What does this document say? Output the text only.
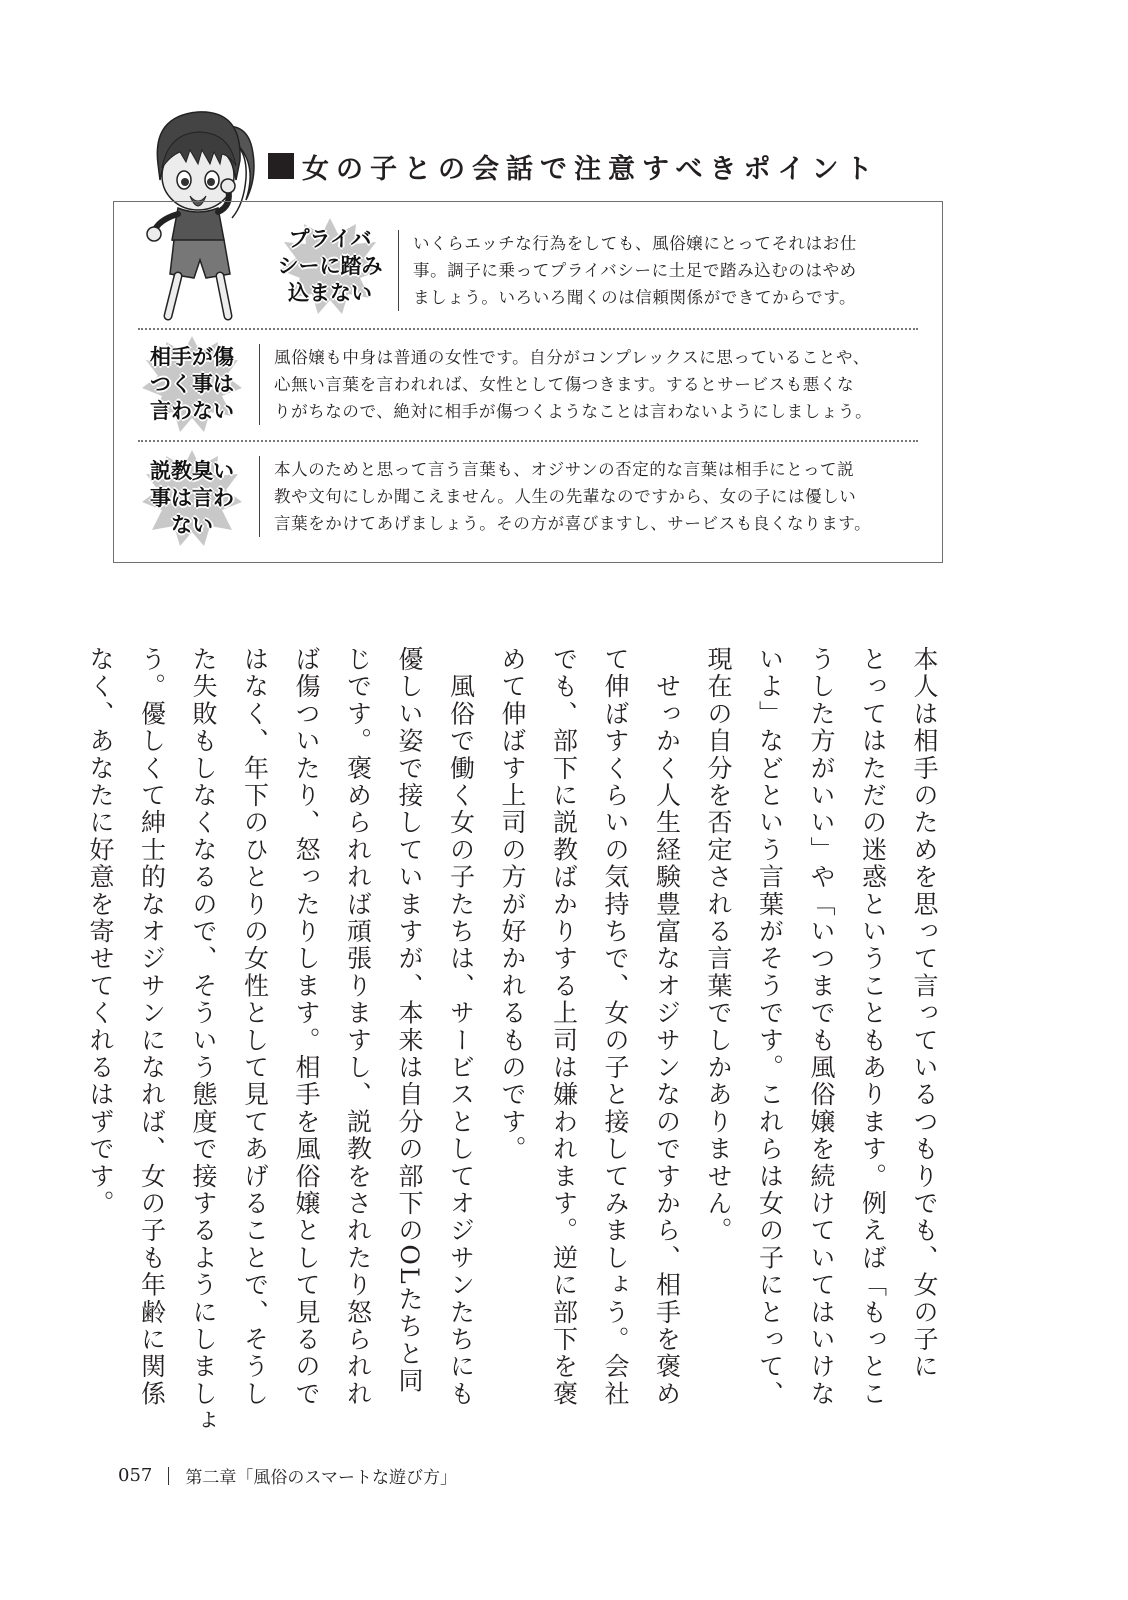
女の子との会話で注意すべきポイント
プライバ
シーに踏み
込まない
いくらエッチな行為をしても、風俗嬢にとってそれはお仕
事。調子に乗ってプライバシーに土足で踏み込むのはやめ
ましょう。いろいろ聞くのは信頼関係ができてからです。
相手が傷
つく事は
言わない
風俗嬢も中身は普通の女性です。自分がコンプレックスに思っていることや、
心無い言葉を言われれば、女性として傷つきます。するとサービスも悪くな
りがちなので、絶対に相手が傷つくようなことは言わないようにしましょう。
説教臭い
事は言わ
ない
本人のためと思って言う言葉も、オジサンの否定的な言葉は相手にとって説
教や文句にしか聞こえません。人生の先輩なのですから、女の子には優しい
言葉をかけてあげましょう。その方が喜びますし、サービスも良くなります。
本人は相手のためを思って言っているつもりでも、女の子に
とってはただの迷惑ということもあります。例えば「もっとこ
うした方がいい」や「いつまでも風俗嬢を続けていてはいけな
いよ」などという言葉がそうです。これらは女の子にとって、
現在の自分を否定される言葉でしかありません。
　せっかく人生経験豊富なオジサンなのですから、相手を褒め
て伸ばすくらいの気持ちで、女の子と接してみましょう。会社
でも、部下に説教ばかりする上司は嫌われます。逆に部下を褒
めて伸ばす上司の方が好かれるものです。
　風俗で働く女の子たちは、サービスとしてオジサンたちにも
優しい姿で接していますが、本来は自分の部下のOLたちと同
じです。褒められれば頑張りますし、説教をされたり怒られれ
ば傷ついたり、怒ったりします。相手を風俗嬢として見るので
はなく、年下のひとりの女性として見てあげることで、そうし
た失敗もしなくなるので、そういう態度で接するようにしましょ
う。優しくて紳士的なオジサンになれば、女の子も年齢に関係
なく、あなたに好意を寄せてくれるはずです。
057 第二章「風俗のスマートな遊び方」
